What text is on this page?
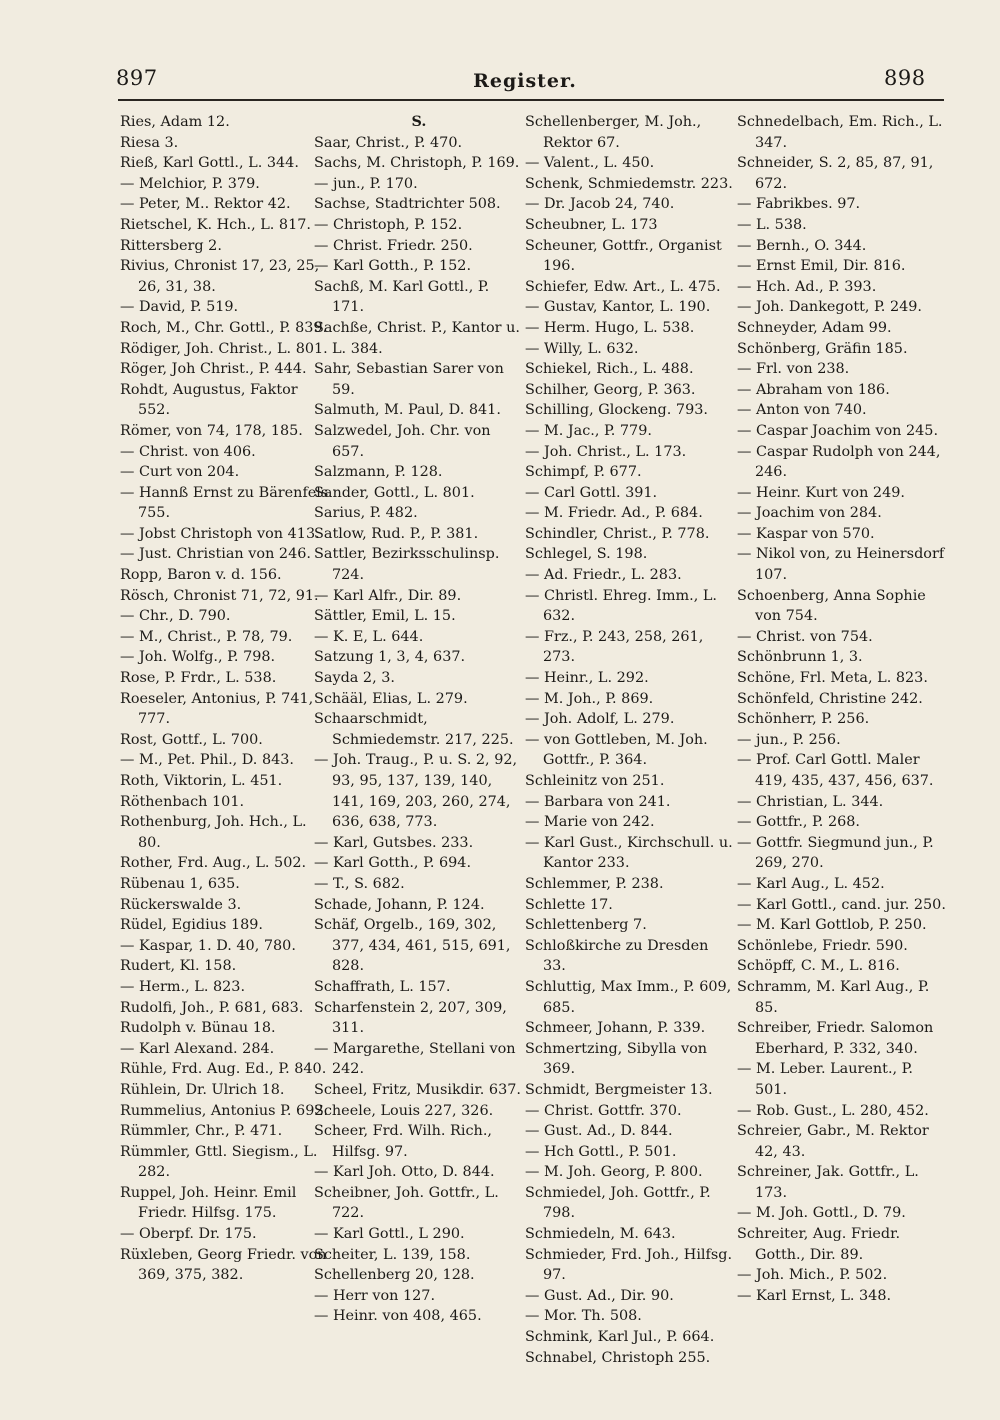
897	Register.	898

Ries, Adam 12.

Riesa 3.

Rieß, Karl Gottl., L. 344.

— Melchior, P. 379.

— Peter, M.. Rektor 42.

Rietschel, K. Hch., L. 817.

Rittersberg 2.

Rivius, Chronist 17, 23, 25, 26, 31, 38.

— David, P. 519.

Roch, M., Chr. Gottl., P. 839.

Rödiger, Joh. Christ., L. 801.

Röger, Joh Christ., P. 444.

Rohdt, Augustus, Faktor 552.

Römer, von 74, 178, 185.

— Christ. von 406.

— Curt von 204.

— Hannß Ernst zu Bärenfels 755.

— Jobst Christoph von 413.

— Just. Christian von 246.

Ropp, Baron v. d. 156.

Rösch, Chronist 71, 72, 91.

— Chr., D. 790.

— M., Christ., P. 78, 79.

— Joh. Wolfg., P. 798.

Rose, P. Frdr., L. 538.

Roeseler, Antonius, P. 741, 777.

Rost, Gottf., L. 700.

— M., Pet. Phil., D. 843.

Roth, Viktorin, L. 451.

Röthenbach 101.

Rothenburg, Joh. Hch., L. 80.

Rother, Frd. Aug., L. 502.

Rübenau 1, 635.

Rückerswalde 3.

Rüdel, Egidius 189.

— Kaspar, 1. D. 40, 780.

Rudert, Kl. 158.

— Herm., L. 823.

Rudolfi, Joh., P. 681, 683.

Rudolph v. Bünau 18.

— Karl Alexand. 284.

Rühle, Frd. Aug. Ed., P. 840.

Rühlein, Dr. Ulrich 18.

Rummelius, Antonius P. 692.

Rümmler, Chr., P. 471.

Rümmler, Gttl. Siegism., L. 282.

Ruppel, Joh. Heinr. Emil Friedr. Hilfsg. 175.

— Oberpf. Dr. 175.

Rüxleben, Georg Friedr. von 369, 375, 382.

S.

Saar, Christ., P. 470.

Sachs, M. Christoph, P. 169.

— jun., P. 170.

Sachse, Stadtrichter 508.

— Christoph, P. 152.

— Christ. Friedr. 250.

— Karl Gotth., P. 152.

Sachß, M. Karl Gottl., P. 171.

Sachße, Christ. P., Kantor u. L. 384.

Sahr, Sebastian Sarer von 59.

Salmuth, M. Paul, D. 841.

Salzwedel, Joh. Chr. von 657.

Salzmann, P. 128.

Sander, Gottl., L. 801.

Sarius, P. 482.

Satlow, Rud. P., P. 381.

Sattler, Bezirksschulinsp. 724.

— Karl Alfr., Dir. 89.

Sättler, Emil, L. 15.

— K. E, L. 644.

Satzung 1, 3, 4, 637.

Sayda 2, 3.

Schääl, Elias, L. 279.

Schaarschmidt, Schmiedemstr. 217, 225.

— Joh. Traug., P. u. S. 2, 92, 93, 95, 137, 139, 140, 141, 169, 203, 260, 274, 636, 638, 773.

— Karl, Gutsbes. 233.

— Karl Gotth., P. 694.

— T., S. 682.

Schade, Johann, P. 124.

Schäf, Orgelb., 169, 302, 377, 434, 461, 515, 691, 828.

Schaffrath, L. 157.

Scharfenstein 2, 207, 309, 311.

— Margarethe, Stellani von 242.

Scheel, Fritz, Musikdir. 637.

Scheele, Louis 227, 326.

Scheer, Frd. Wilh. Rich., Hilfsg. 97.

— Karl Joh. Otto, D. 844.

Scheibner, Joh. Gottfr., L. 722.

— Karl Gottl., L 290.

Scheiter, L. 139, 158.

Schellenberg 20, 128.

— Herr von 127.

— Heinr. von 408, 465.

Schellenberger, M. Joh., Rektor 67.

— Valent., L. 450.

Schenk, Schmiedemstr. 223.

— Dr. Jacob 24, 740.

Scheubner, L. 173

Scheuner, Gottfr., Organist 196.

Schiefer, Edw. Art., L. 475.

— Gustav, Kantor, L. 190.

— Herm. Hugo, L. 538.

— Willy, L. 632.

Schiekel, Rich., L. 488.

Schilher, Georg, P. 363.

Schilling, Glockeng. 793.

— M. Jac., P. 779.

— Joh. Christ., L. 173.

Schimpf, P. 677.

— Carl Gottl. 391.

— M. Friedr. Ad., P. 684.

Schindler, Christ., P. 778.

Schlegel, S. 198.

— Ad. Friedr., L. 283.

— Christl. Ehreg. Imm., L. 632.

— Frz., P. 243, 258, 261, 273.

— Heinr., L. 292.

— M. Joh., P. 869.

— Joh. Adolf, L. 279.

— von Gottleben, M. Joh. Gottfr., P. 364.

Schleinitz von 251.

— Barbara von 241.

— Marie von 242.

— Karl Gust., Kirchschull. u. Kantor 233.

Schlemmer, P. 238.

Schlette 17.

Schlettenberg 7.

Schloßkirche zu Dresden 33.

Schluttig, Max Imm., P. 609, 685.

Schmeer, Johann, P. 339.

Schmertzing, Sibylla von 369.

Schmidt, Bergmeister 13.

— Christ. Gottfr. 370.

— Gust. Ad., D. 844.

— Hch Gottl., P. 501.

— M. Joh. Georg, P. 800.

Schmiedel, Joh. Gottfr., P. 798.

Schmiedeln, M. 643.

Schmieder, Frd. Joh., Hilfsg. 97.

— Gust. Ad., Dir. 90.

— Mor. Th. 508.

Schmink, Karl Jul., P. 664.

Schnabel, Christoph 255.

Schnedelbach, Em. Rich., L. 347.

Schneider, S. 2, 85, 87, 91, 672.

— Fabrikbes. 97.

— L. 538.

— Bernh., O. 344.

— Ernst Emil, Dir. 816.

— Hch. Ad., P. 393.

— Joh. Dankegott, P. 249.

Schneyder, Adam 99.

Schönberg, Gräfin 185.

— Frl. von 238.

— Abraham von 186.

— Anton von 740.

— Caspar Joachim von 245.

— Caspar Rudolph von 244, 246.

— Heinr. Kurt von 249.

— Joachim von 284.

— Kaspar von 570.

— Nikol von, zu Heinersdorf 107.

Schoenberg, Anna Sophie von 754.

— Christ. von 754.

Schönbrunn 1, 3.

Schöne, Frl. Meta, L. 823.

Schönfeld, Christine 242.

Schönherr, P. 256.

— jun., P. 256.

— Prof. Carl Gottl. Maler 419, 435, 437, 456, 637.

— Christian, L. 344.

— Gottfr., P. 268.

— Gottfr. Siegmund jun., P. 269, 270.

— Karl Aug., L. 452.

— Karl Gottl., cand. jur. 250.

— M. Karl Gottlob, P. 250.

Schönlebe, Friedr. 590.

Schöpff, C. M., L. 816.

Schramm, M. Karl Aug., P. 85.

Schreiber, Friedr. Salomon Eberhard, P. 332, 340.

— M. Leber. Laurent., P. 501.

— Rob. Gust., L. 280, 452.

Schreier, Gabr., M. Rektor 42, 43.

Schreiner, Jak. Gottfr., L. 173.

— M. Joh. Gottl., D. 79.

Schreiter, Aug. Friedr. Gotth., Dir. 89.

— Joh. Mich., P. 502.

— Karl Ernst, L. 348.
